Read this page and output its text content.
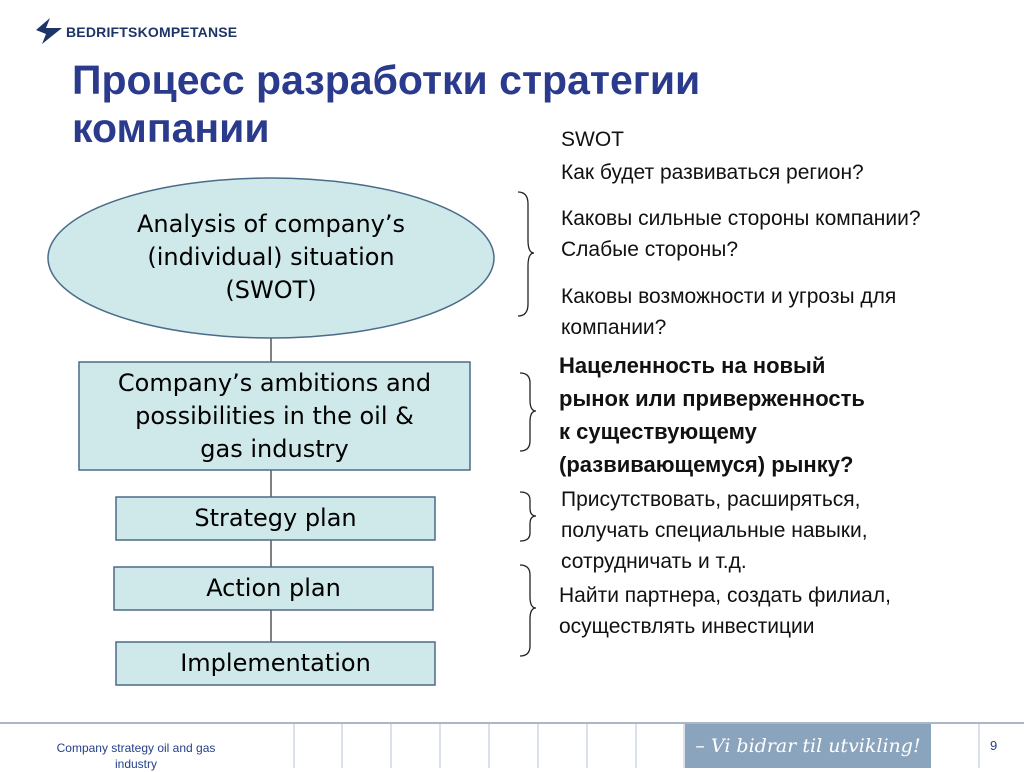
BEDRIFTSKOMPETANSE
Процесс разработки стратегии
компании
Analysis of company’s
(individual) situation
(SWOT)
Company’s ambitions and
possibilities in the oil &
gas industry
Strategy plan
Action plan
Implementation
SWOT
Как будет развиваться регион?
Каковы сильные стороны компании?
Слабые стороны?
Каковы возможности и угрозы для
компании?
Нацеленность на новый
рынок или приверженность
к существующему
(развивающемуся) рынку?
Присутствовать, расширяться,
получать специальные навыки,
сотрудничать и т.д.
Найти партнера, создать филиал,
осуществлять инвестиции
Company strategy oil and gas industry
– Vi bidrar til utvikling!	9
